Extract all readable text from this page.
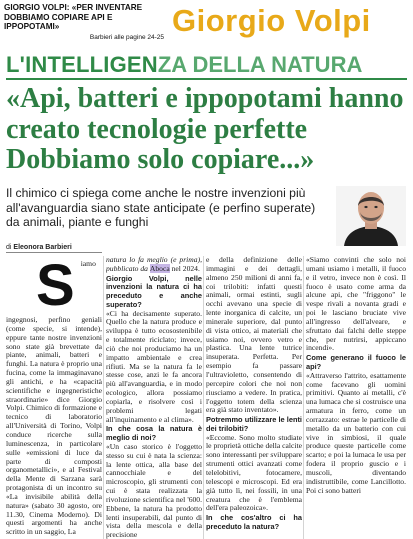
GIORGIO VOLPI: «PER INVENTARE
DOBBIAMO COPIARE API E IPPOPOTAMI»
Barbieri alle pagine 24-25 Giorgio Volpi
L'INTELLIGEN ZA DELLA NATURA
«Api, batteri e ippopotami hanno creato tecnologie perfette Dobbiamo solo copiare...»

Il chimico ci spiega come anche le nostre invenzioni più all'avanguardia siano state anticipate (e perfino superate) da animali, piante e funghi

di Eleonora Barbieri
S iamo ingegnosi, perfino geniali (come specie, si intende), eppure tante nostre invenzioni sono state già brevettate da piante, animali, batteri e funghi. La natura è proprio una fucina, come la immaginavano gli antichi, e ha «capacità scientifiche e ingegneristiche straordinarie» dice Giorgio Volpi. Chimico di formazione e tecnico di laboratorio all'Università di Torino, Volpi conduce ricerche sulla luminescenza, in particolare sulle «emissioni di luce da parte di composti organometallici», e al Festival della Mente di Sarzana sarà protagonista di un incontro su «La invisibile abilità della natura» (sabato 30 agosto, ore 11.30, Cinema Moderno). Di questi argomenti ha anche scritto in un saggio, La

natura lo fa meglio (e prima), pubblicato da Aboca nel 2024.

Giorgio Volpi, nelle invenzioni la natura ci ha preceduto e anche superato?

«Ci ha decisamente superato. Quello che la natura produce e sviluppa è tutto ecosostenibile e totalmente riciclato; invece, ciò che noi produciamo ha un impatto ambientale e crea rifiuti. Ma se la natura fa le stesse cose, anzi le fa ancora più all'avanguardia, e in modo ecologico, allora possiamo copiarla, e risolvere così i problemi legati all'inquinamento e al clima».

In che cosa la natura è meglio di noi?

«Un caso storico è l'oggetto stesso su cui è nata la scienza: la lente ottica, alla base del cannocchiale e del microscopio, gli strumenti con cui è stata realizzata la rivoluzione scientifica nel '600. Ebbene, la natura ha prodotto lenti insuperabili, dal punto di vista della mescola e della precisione

e della definizione delle immagini e dei dettagli, almeno 250 milioni di anni fa, coi trilobiti: infatti questi animali, ormai estinti, sugli occhi avevano una specie di lente inorganica di calcite, un minerale superiore, dal punto di vista ottico, ai materiali che usiamo noi, ovvero vetro e plastica. Una lente tutrice insuperata. Perfetta. Per esempio fa passare l'ultravioletto, consentendo di percepire colori che noi non riusciamo a vedere. In pratica, l'oggetto totem della scienza era già stato inventato».

Potremmo utilizzare le lenti dei trilobiti?

«Eccome. Sono molto studiate le proprietà ottiche della calcite sono interessanti per sviluppare strumenti ottici avanzati come telelobitivi, fotocamere, telescopi e microscopi. Ed era già tutto lì, nei fossili, in una creatura che è l'emblema dell'era paleozoica».

In che cos'altro ci ha preceduto la natura?

«Siamo convinti che solo noi umani usiamo i metalli, il fuoco e il vetro, invece non è così. Il fuoco è usato come arma da alcune api, che "friggono" le vespe rivali a novanta gradi e poi le lasciano bruciate vive all'ingresso dell'alveare, e sfruttato dai falchi delle steppe che, per nutrirsi, appiccano incendi».

Come generano il fuoco le api?

«Attraverso l'attrito, esattamente come facevano gli uomini primitivi. Quanto ai metalli, c'è una lumaca che si costruisce una armatura in ferro, come un corrazzato: estrae le particelle di metallo da un batterio con cui vive in simbiosi, il quale produce queste particelle come scarto; e poi la lumaca le usa per fodera il proprio guscio e i muscoli, diventando indistruttibile, come Lancillotto. Poi ci sono batteri
